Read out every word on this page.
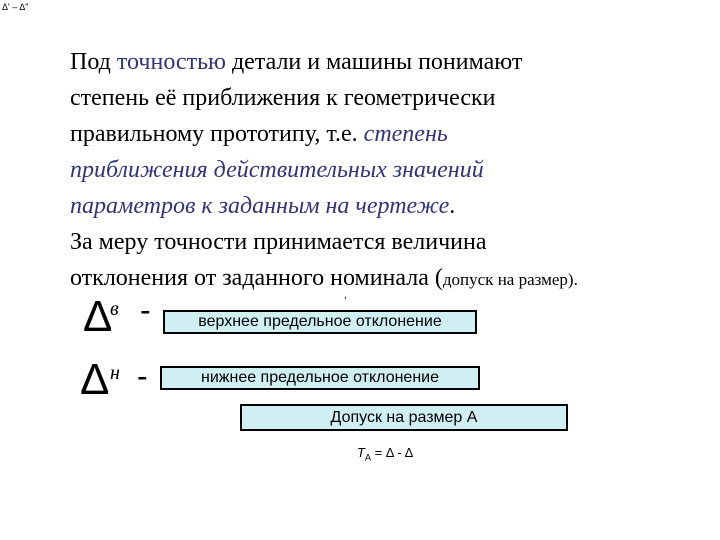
Δ' – Δ"
Под точностью детали и машины понимают
степень её приближения к геометрически
правильному прототипу, т.е. степень
приближения действительных значений
параметров к заданным на чертеже.
За меру точности принимается величина
отклонения от заданного номинала (допуск на размер).
,
Δ
в -	верхнее предельное отклонение
Δ н -	нижнее предельное отклонение
Допуск на размер А
$T_A = \Delta - \Delta$
